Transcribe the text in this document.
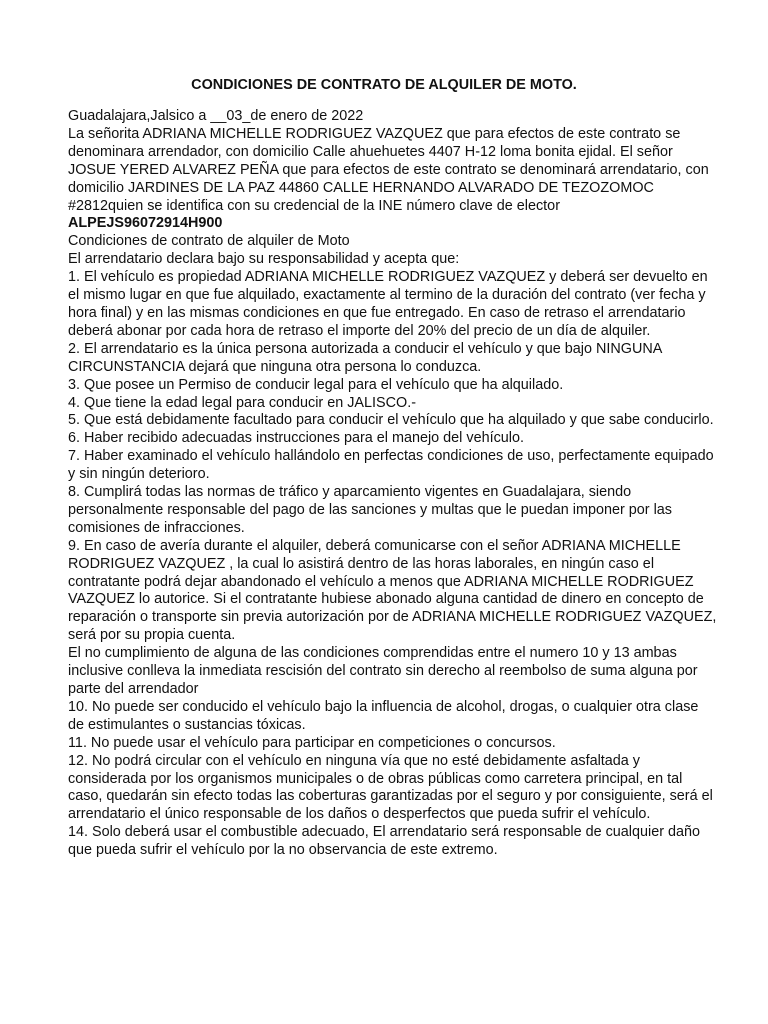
CONDICIONES DE CONTRATO DE ALQUILER DE MOTO.

Guadalajara,Jalsico a __03_de enero de 2022

La señorita ADRIANA MICHELLE RODRIGUEZ VAZQUEZ que para efectos de este contrato se denominara arrendador, con domicilio Calle ahuehuetes 4407 H-12 loma bonita ejidal. El señor JOSUE YERED ALVAREZ PEÑA que para efectos de este contrato se denominará arrendatario, con domicilio JARDINES DE LA PAZ 44860 CALLE HERNANDO ALVARADO DE TEZOZOMOC #2812quien se identifica con su credencial de la INE número clave de elector ALPEJS96072914H900

Condiciones de contrato de alquiler de Moto

El arrendatario declara bajo su responsabilidad y acepta que:

1. El vehículo es propiedad ADRIANA MICHELLE RODRIGUEZ VAZQUEZ y deberá ser devuelto en el mismo lugar en que fue alquilado, exactamente al termino de la duración del contrato (ver fecha y hora final) y en las mismas condiciones en que fue entregado. En caso de retraso el arrendatario deberá abonar por cada hora de retraso el importe del 20% del precio de un día de alquiler.

2. El arrendatario es la única persona autorizada a conducir el vehículo y que bajo NINGUNA CIRCUNSTANCIA dejará que ninguna otra persona lo conduzca.

3. Que posee un Permiso de conducir legal para el vehículo que ha alquilado.

4. Que tiene la edad legal para conducir en JALISCO.-

5. Que está debidamente facultado para conducir el vehículo que ha alquilado y que sabe conducirlo.

6. Haber recibido adecuadas instrucciones para el manejo del vehículo.

7. Haber examinado el vehículo hallándolo en perfectas condiciones de uso, perfectamente equipado y sin ningún deterioro.

8. Cumplirá todas las normas de tráfico y aparcamiento vigentes en Guadalajara, siendo personalmente responsable del pago de las sanciones y multas que le puedan imponer por las comisiones de infracciones.

9. En caso de avería durante el alquiler, deberá comunicarse con el señor ADRIANA MICHELLE RODRIGUEZ VAZQUEZ , la cual lo asistirá dentro de las horas laborales, en ningún caso el contratante podrá dejar abandonado el vehículo a menos que ADRIANA MICHELLE RODRIGUEZ VAZQUEZ lo autorice. Si el contratante hubiese abonado alguna cantidad de dinero en concepto de reparación o transporte sin previa autorización por de ADRIANA MICHELLE RODRIGUEZ VAZQUEZ, será por su propia cuenta.

El no cumplimiento de alguna de las condiciones comprendidas entre el numero 10 y 13 ambas inclusive conlleva la inmediata rescisión del contrato sin derecho al reembolso de suma alguna por parte del arrendador

10. No puede ser conducido el vehículo bajo la influencia de alcohol, drogas, o cualquier otra clase de estimulantes o sustancias tóxicas.

11. No puede usar el vehículo para participar en competiciones o concursos.

12. No podrá circular con el vehículo en ninguna vía que no esté debidamente asfaltada y considerada por los organismos municipales o de obras públicas como carretera principal, en tal caso, quedarán sin efecto todas las coberturas garantizadas por el seguro y por consiguiente, será el arrendatario el único responsable de los daños o desperfectos que pueda sufrir el vehículo.

14. Solo deberá usar el combustible adecuado, El arrendatario será responsable de cualquier daño que pueda sufrir el vehículo por la no observancia de este extremo.
